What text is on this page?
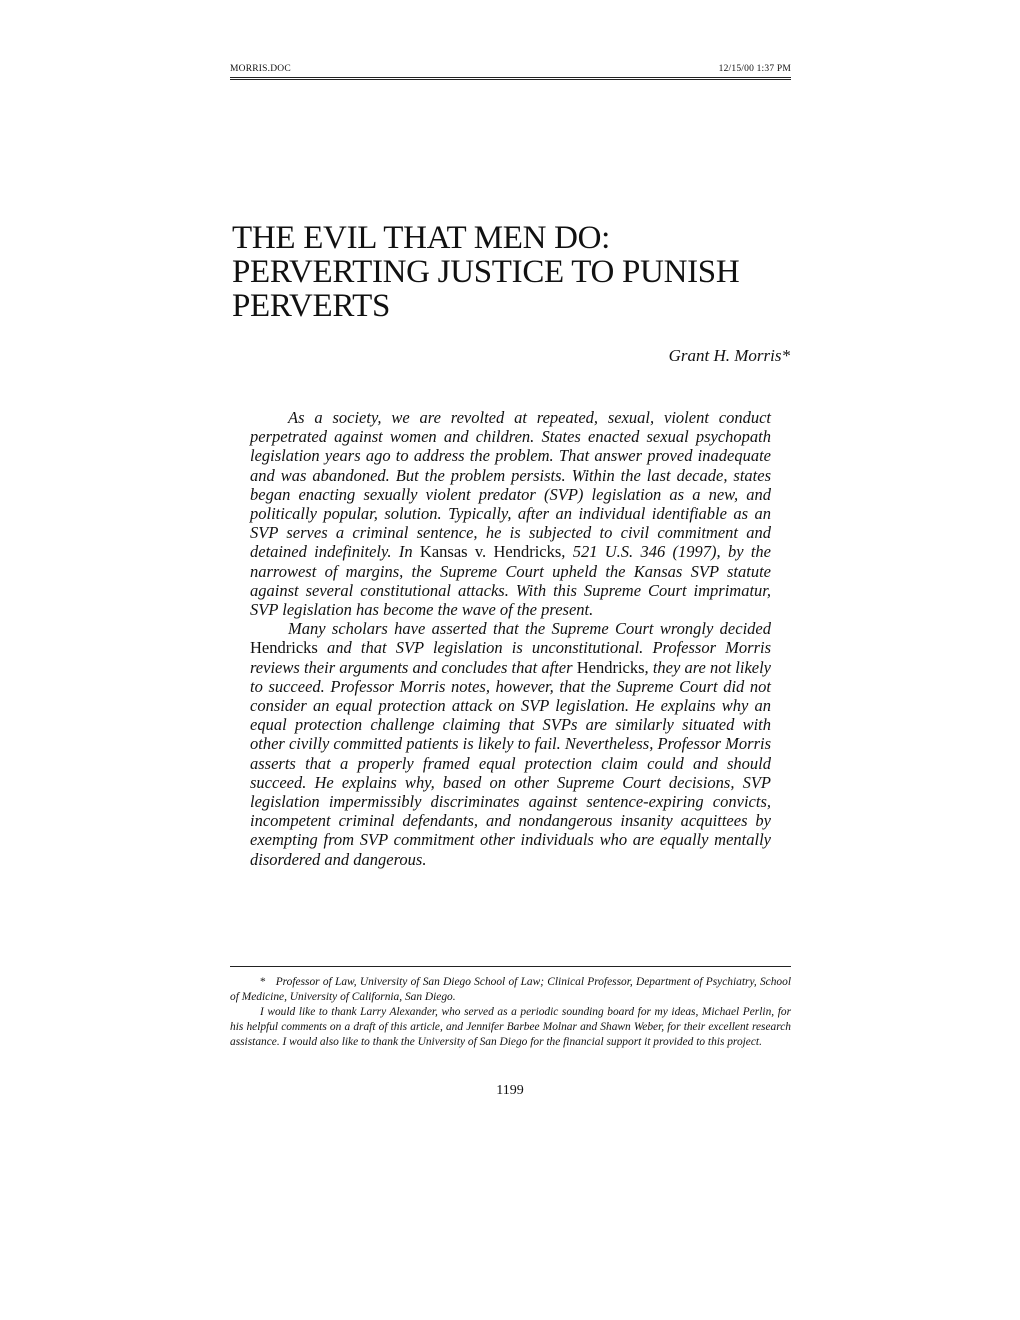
MORRIS.DOC	12/15/00 1:37 PM
THE EVIL THAT MEN DO:
PERVERTING JUSTICE TO PUNISH
PERVERTS
Grant H. Morris*

As a society, we are revolted at repeated, sexual, violent conduct perpetrated against women and children. States enacted sexual psychopath legislation years ago to address the problem. That answer proved inadequate and was abandoned. But the problem persists. Within the last decade, states began enacting sexually violent predator (SVP) legislation as a new, and politically popular, solution. Typically, after an individual identifiable as an SVP serves a criminal sentence, he is subjected to civil commitment and detained indefinitely. In Kansas v. Hendricks, 521 U.S. 346 (1997), by the narrowest of margins, the Supreme Court upheld the Kansas SVP statute against several constitutional attacks. With this Supreme Court imprimatur, SVP legislation has become the wave of the present.

Many scholars have asserted that the Supreme Court wrongly decided Hendricks and that SVP legislation is unconstitutional. Professor Morris reviews their arguments and concludes that after Hendricks, they are not likely to succeed. Professor Morris notes, however, that the Supreme Court did not consider an equal protection attack on SVP legislation. He explains why an equal protection challenge claiming that SVPs are similarly situated with other civilly committed patients is likely to fail. Nevertheless, Professor Morris asserts that a properly framed equal protection claim could and should succeed. He explains why, based on other Supreme Court decisions, SVP legislation impermissibly discriminates against sentence-expiring convicts, incompetent criminal defendants, and nondangerous insanity acquittees by exempting from SVP commitment other individuals who are equally mentally disordered and dangerous.

* Professor of Law, University of San Diego School of Law; Clinical Professor, Department of Psychiatry, School of Medicine, University of California, San Diego.

I would like to thank Larry Alexander, who served as a periodic sounding board for my ideas, Michael Perlin, for his helpful comments on a draft of this article, and Jennifer Barbee Molnar and Shawn Weber, for their excellent research assistance. I would also like to thank the University of San Diego for the financial support it provided to this project.

1199
